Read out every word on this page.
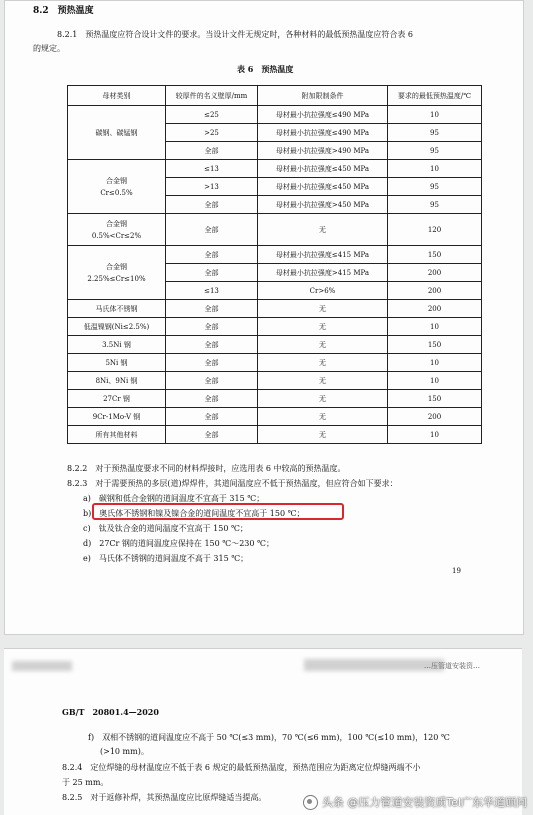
8.2　预热温度
8.2.1　预热温度应符合设计文件的要求。当设计文件无规定时，各种材料的最低预热温度应符合表 6
的规定。
表 6　预热温度
母材类别	较厚件的名义壁厚/mm	附加限制条件	要求的最低预热温度/℃

碳钢、碳锰钢	≤25	母材最小抗拉强度≤490 MPa	10
	>25	母材最小抗拉强度≤490 MPa	95
	全部	母材最小抗拉强度>490 MPa	95

合金钢
Cr≤0.5%	≤13	母材最小抗拉强度≤450 MPa	10
	>13	母材最小抗拉强度≤450 MPa	95
	全部	母材最小抗拉强度>450 MPa	95

合金钢
0.5%<Cr≤2%	全部	无	120

合金钢
2.25%≤Cr≤10%	全部	母材最小抗拉强度≤415 MPa	150
	全部	母材最小抗拉强度>415 MPa	200
	≤13	Cr>6%	200

马氏体不锈钢	全部	无	200

低温镍钢(Ni≤2.5%)	全部	无	10

3.5Ni 钢	全部	无	150

5Ni 钢	全部	无	10

8Ni、9Ni 钢	全部	无	10

27Cr 钢	全部	无	150

9Cr-1Mo-V 钢	全部	无	200

所有其他材料	全部	无	10
8.2.2　对于预热温度要求不同的材料焊接时，应选用表 6 中较高的预热温度。
8.2.3　对于需要预热的多层(道)焊焊件，其道间温度应不低于预热温度，但应符合如下要求：
a)　碳钢和低合金钢的道间温度不宜高于 315 ℃；
b)　奥氏体不锈钢和镍及镍合金的道间温度不宜高于 150 ℃；
c)　钛及钛合金的道间温度不宜高于 150 ℃；
d)　27Cr 钢的道间温度应保持在 150 ℃～230 ℃；
e)　马氏体不锈钢的道间温度不高于 315 ℃；
19
…压管道安装资…
GB/T　20801.4—2020
f)　双相不锈钢的道间温度应不高于 50 ℃(≤3 mm)，70 ℃(≤6 mm)，100 ℃(≤10 mm)，120 ℃
(>10 mm)。
8.2.4　定位焊缝的母材温度应不低于表 6 规定的最低预热温度，预热范围应为距离定位焊缝两端不小
于 25 mm。
8.2.5　对于返修补焊，其预热温度应比原焊缝适当提高。	头条 @压力管道安装资质Tel广东华道顾问
